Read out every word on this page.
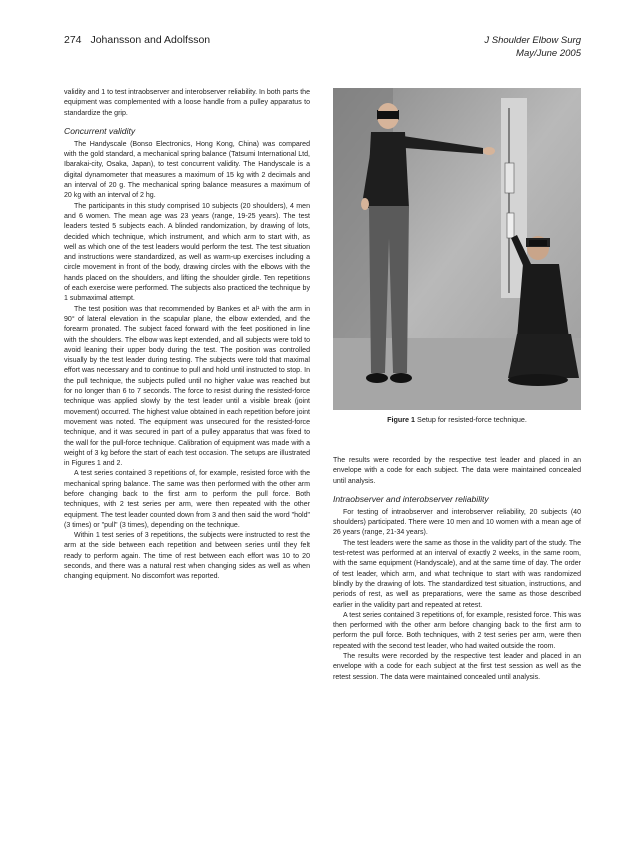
274 Johansson and Adolfsson	J Shoulder Elbow Surg
May/June 2005

validity and 1 to test intraobserver and interobserver reliability. In both parts the equipment was complemented with a loose handle from a pulley apparatus to standardize the grip.

Concurrent validity

The Handyscale (Bonso Electronics, Hong Kong, China) was compared with the gold standard, a mechanical spring balance (Tatsumi International Ltd, Ibarakai-city, Osaka, Japan), to test concurrent validity. The Handyscale is a digital dynamometer that measures a maximum of 15 kg with 2 decimals and an interval of 20 g. The mechanical spring balance measures a maximum of 20 kg with an interval of 2 hg.

The participants in this study comprised 10 subjects (20 shoulders), 4 men and 6 women. The mean age was 23 years (range, 19-25 years). The test leaders tested 5 subjects each. A blinded randomization, by drawing of lots, decided which technique, which instrument, and which arm to start with, as well as which one of the test leaders would perform the test. The test situation and instructions were standardized, as well as warm-up exercises including a circle movement in front of the body, drawing circles with the elbows with the hands placed on the shoulders, and lifting the shoulder girdle. Ten repetitions of each exercise were performed. The subjects also practiced the technique by 1 submaximal attempt.

The test position was that recommended by Bankes et al¹ with the arm in 90° of lateral elevation in the scapular plane, the elbow extended, and the forearm pronated. The subject faced forward with the feet positioned in line with the shoulders. The elbow was kept extended, and all subjects were told to avoid leaning their upper body during the test. The position was controlled visually by the test leader during testing. The subjects were told that maximal effort was necessary and to continue to pull and hold until instructed to stop. In the pull technique, the subjects pulled until no higher value was reached but for no longer than 6 to 7 seconds. The force to resist during the resisted-force technique was applied slowly by the test leader until a visible break (joint movement) occurred. The highest value obtained in each repetition before joint movement was noted. The equipment was unsecured for the resisted-force technique, and it was secured in part of a pulley apparatus that was fixed to the wall for the pull-force technique. Calibration of equipment was made with a weight of 3 kg before the start of each test occasion. The setups are illustrated in Figures 1 and 2.

A test series contained 3 repetitions of, for example, resisted force with the mechanical spring balance. The same was then performed with the other arm before changing back to the first arm to perform the pull force. Both techniques, with 2 test series per arm, were then repeated with the other equipment. The test leader counted down from 3 and then said the word "hold" (3 times) or "pull" (3 times), depending on the technique.

Within 1 test series of 3 repetitions, the subjects were instructed to rest the arm at the side between each repetition and between series until they felt ready to perform again. The time of rest between each effort was 10 to 20 seconds, and there was a natural rest when changing sides as well as when changing equipment. No discomfort was reported.

Figure 1 Setup for resisted-force technique.

The results were recorded by the respective test leader and placed in an envelope with a code for each subject. The data were maintained concealed until analysis.

Intraobserver and interobserver reliability

For testing of intraobserver and interobserver reliability, 20 subjects (40 shoulders) participated. There were 10 men and 10 women with a mean age of 26 years (range, 21-34 years).

The test leaders were the same as those in the validity part of the study. The test-retest was performed at an interval of exactly 2 weeks, in the same room, with the same equipment (Handyscale), and at the same time of day. The order of test leader, which arm, and what technique to start with was randomized blindly by the drawing of lots. The standardized test situation, instructions, and periods of rest, as well as preparations, were the same as those described earlier in the validity part and repeated at retest.

A test series contained 3 repetitions of, for example, resisted force. This was then performed with the other arm before changing back to the first arm to perform the pull force. Both techniques, with 2 test series per arm, were then repeated with the second test leader, who had waited outside the room.

The results were recorded by the respective test leader and placed in an envelope with a code for each subject at the first test session as well as the retest session. The data were maintained concealed until analysis.
